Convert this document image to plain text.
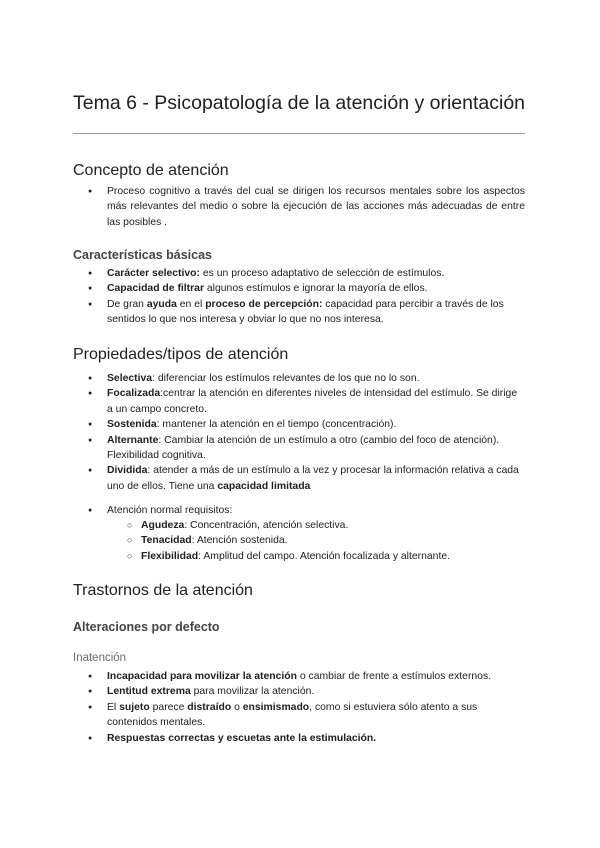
Tema 6 - Psicopatología de la atención y orientación
Concepto de atención
● Proceso cognitivo a través del cual se dirigen los recursos mentales sobre los aspectos más relevantes del medio o sobre la ejecución de las acciones más adecuadas de entre las posibles .
Características básicas
● Carácter selectivo: es un proceso adaptativo de selección de estímulos.
● Capacidad de filtrar algunos estímulos e ignorar la mayoría de ellos.
● De gran ayuda en el proceso de percepción: capacidad para percibir a través de los sentidos lo que nos interesa y obviar lo que no nos interesa.
Propiedades/tipos de atención
● Selectiva: diferenciar los estímulos relevantes de los que no lo son.
● Focalizada:centrar la atención en diferentes niveles de intensidad del estímulo. Se dirige a un campo concreto.
● Sostenida: mantener la atención en el tiempo (concentración).
● Alternante: Cambiar la atención de un estímulo a otro (cambio del foco de atención). Flexibilidad cognitiva.
● Dividida: atender a más de un estímulo a la vez y procesar la información relativa a cada uno de ellos. Tiene una capacidad limitada
● Atención normal requisitos:
○ Agudeza: Concentración, atención selectiva.
○ Tenacidad: Atención sostenida.
○ Flexibilidad: Amplitud del campo. Atención focalizada y alternante.
Trastornos de la atención
Alteraciones por defecto
Inatención
● Incapacidad para movilizar la atención o cambiar de frente a estímulos externos.
● Lentitud extrema para movilizar la atención.
● El sujeto parece distraído o ensimismado, como si estuviera sólo atento a sus contenidos mentales.
● Respuestas correctas y escuetas ante la estimulación.
